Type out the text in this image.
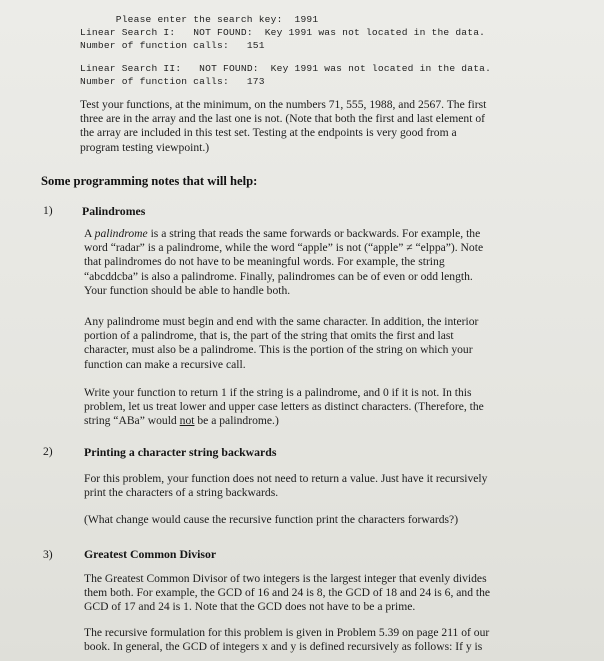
Please enter the search key: 1991

Linear Search I: NOT FOUND: Key 1991 was not located in the data.
Number of function calls: 151
Linear Search II: NOT FOUND: Key 1991 was not located in the data.
Number of function calls: 173
Test your functions, at the minimum, on the numbers 71, 555, 1988, and 2567. The first
three are in the array and the last one is not. (Note that both the first and last element of
the array are included in this test set. Testing at the endpoints is very good from a
program testing viewpoint.)
Some programming notes that will help:
1) Palindromes
A palindrome is a string that reads the same forwards or backwards. For example, the
word “radar” is a palindrome, while the word “apple” is not (“apple” ≠ “elppa”). Note
that palindromes do not have to be meaningful words. For example, the string
“abcddcba” is also a palindrome. Finally, palindromes can be of even or odd length.
Your function should be able to handle both.
Any palindrome must begin and end with the same character. In addition, the interior
portion of a palindrome, that is, the part of the string that omits the first and last
character, must also be a palindrome. This is the portion of the string on which your
function can make a recursive call.
Write your function to return 1 if the string is a palindrome, and 0 if it is not. In this
problem, let us treat lower and upper case letters as distinct characters. (Therefore, the
string “ABa” would not be a palindrome.)
2)	Printing a character string backwards
For this problem, your function does not need to return a value. Just have it recursively
print the characters of a string backwards.
(What change would cause the recursive function print the characters forwards?)
3)	Greatest Common Divisor
The Greatest Common Divisor of two integers is the largest integer that evenly divides
them both. For example, the GCD of 16 and 24 is 8, the GCD of 18 and 24 is 6, and the
GCD of 17 and 24 is 1. Note that the GCD does not have to be a prime.
The recursive formulation for this problem is given in Problem 5.39 on page 211 of our
book. In general, the GCD of integers x and y is defined recursively as follows: If y is
